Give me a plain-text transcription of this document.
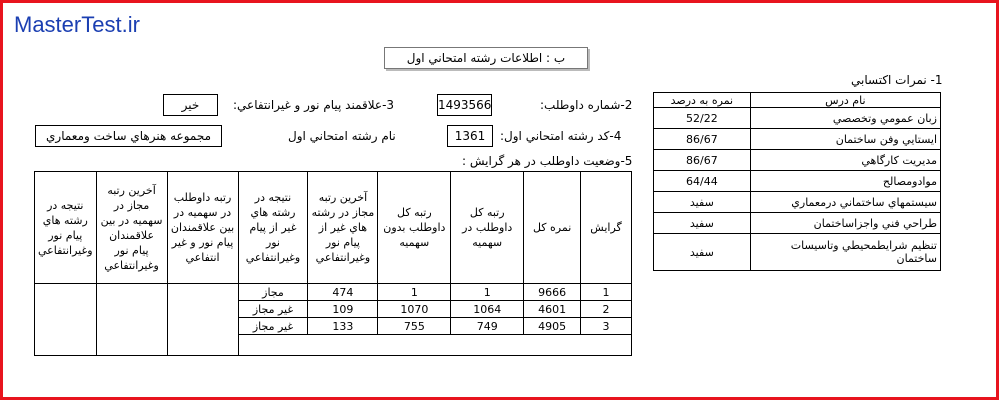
MasterTest.ir
ب : اطلاعات رشته امتحاني اول
1- نمرات اكتسابي
2-شماره داوطلب:
1493566
3-علاقمند پيام نور و غيرانتفاعي:
خير
4-كد رشته امتحاني اول:
1361
نام رشته امتحاني اول
مجموعه هنرهاي ساخت ومعماري
5-وضعيت داوطلب در هر گرايش :
نام درس	نمره به درصد
زبان عمومي وتخصصي	52/22
ايستايي وفن ساختمان	86/67
مديريت كارگاهي	86/67
موادومصالح	64/44
سيستمهاي ساختماني درمعماري	سفيد
طراحي فني واجزاساختمان	سفيد
تنظيم شرايطمحيطي وتاسيسات ساختمان	سفيد
گرايش	نمره كل	رتبه كل داوطلب در سهميه	رتبه كل داوطلب بدون سهميه	آخرين رتبه مجاز در رشته هاي غير از پيام نور وغيرانتفاعي	نتيجه در رشته هاي غير از پيام نور وغيرانتفاعي	رتبه داوطلب در سهميه در بين علاقمندان پيام نور و غير انتفاعي	آخرين رتبه مجاز در سهميه در بين علاقمندان پيام نور وغيرانتفاعي	نتيجه در رشته هاي پيام نور وغيرانتفاعي
1	9666	1	1	474	مجاز			
2	4601	1064	1070	109	غير مجاز			
3	4905	749	755	133	غير مجاز			
